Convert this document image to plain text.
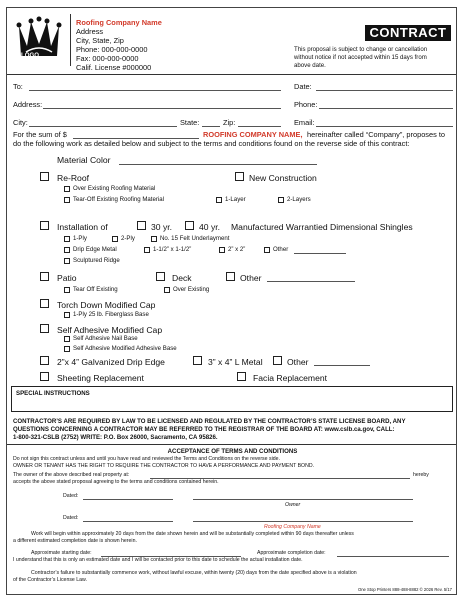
LOGO
Roofing Company Name
Address
City, State, Zip
Phone: 000-000-0000
Fax: 000-000-0000
Calif. License #000000
CONTRACT
This proposal is subject to change or cancellation
without notice if not accepted within 15 days from
above date.
To:	Date:
Address:	Phone:
City:	State:	Zip:	Email:
For the sum of $	ROOFING COMPANY NAME, hereinafter called “Company”, proposes to
do the following work as detailed below and subject to the terms and conditions found on the reverse side of this contract:
Material Color
Re-Roof	New Construction
Over Existing Roofing Material
Tear-Off Existing Roofing Material	1-Layer	2-Layers
Installation of	30 yr.	40 yr. Manufactured Warrantied Dimensional Shingles
1-Ply	2-Ply	No. 15 Felt Underlayment
Drip Edge Metal	1-1/2” x 1-1/2”	2” x 2”	Other
Sculptured Ridge
Patio	Deck	Other
Tear Off Existing	Over Existing
Torch Down Modified Cap
1-Ply 25 lb. Fiberglass Base
Self Adhesive Modified Cap
Self Adhesive Nail Base
Self Adhesive Modified Adhesive Base
2”x 4” Galvanized Drip Edge	3” x 4” L Metal	Other
Sheeting Replacement	Facia Replacement
SPECIAL INSTRUCTIONS
CONTRACTOR’S ARE REQUIRED BY LAW TO BE LICENSED AND REGULATED BY THE CONTRACTOR’S STATE LICENSE BOARD, ANY
QUESTIONS CONCERNING A CONTRACTOR MAY BE REFERRED TO THE REGISTRAR OF THE BOARD AT: www.cslb.ca.gov, CALL:
1-800-321-CSLB (2752) WRITE: P.O. Box 26000, Sacramento, CA 95826.
ACCEPTANCE OF TERMS AND CONDITIONS
Do not sign this contract unless and until you have read and reviewed the Terms and Conditions on the reverse side.
OWNER OR TENANT HAS THE RIGHT TO REQUIRE THE CONTRACTOR TO HAVE A PERFORMANCE AND PAYMENT BOND.
The owner of the above described real property at:	hereby
accepts the above stated proposal agreeing to the terms and conditions contained herein.
Dated:
Owner
Dated:
Roofing Company Name
Work will begin within approximately 20 days from the date shown herein and will be substantially completed within 90 days thereafter unless
a different estimated completion date is shown herein.
Approximate starting date:	Approximate completion date:
I understand that this is only an estimated date and I will be contacted prior to this date to schedule the actual installation date.
Contractor’s failure to substantially commence work, without lawful excuse, within twenty (20) days from the date specified above is a violation
of the Contractor’s License Law.
One Stop Printers 888-488-8882 © 2026 Rev. 5/17
